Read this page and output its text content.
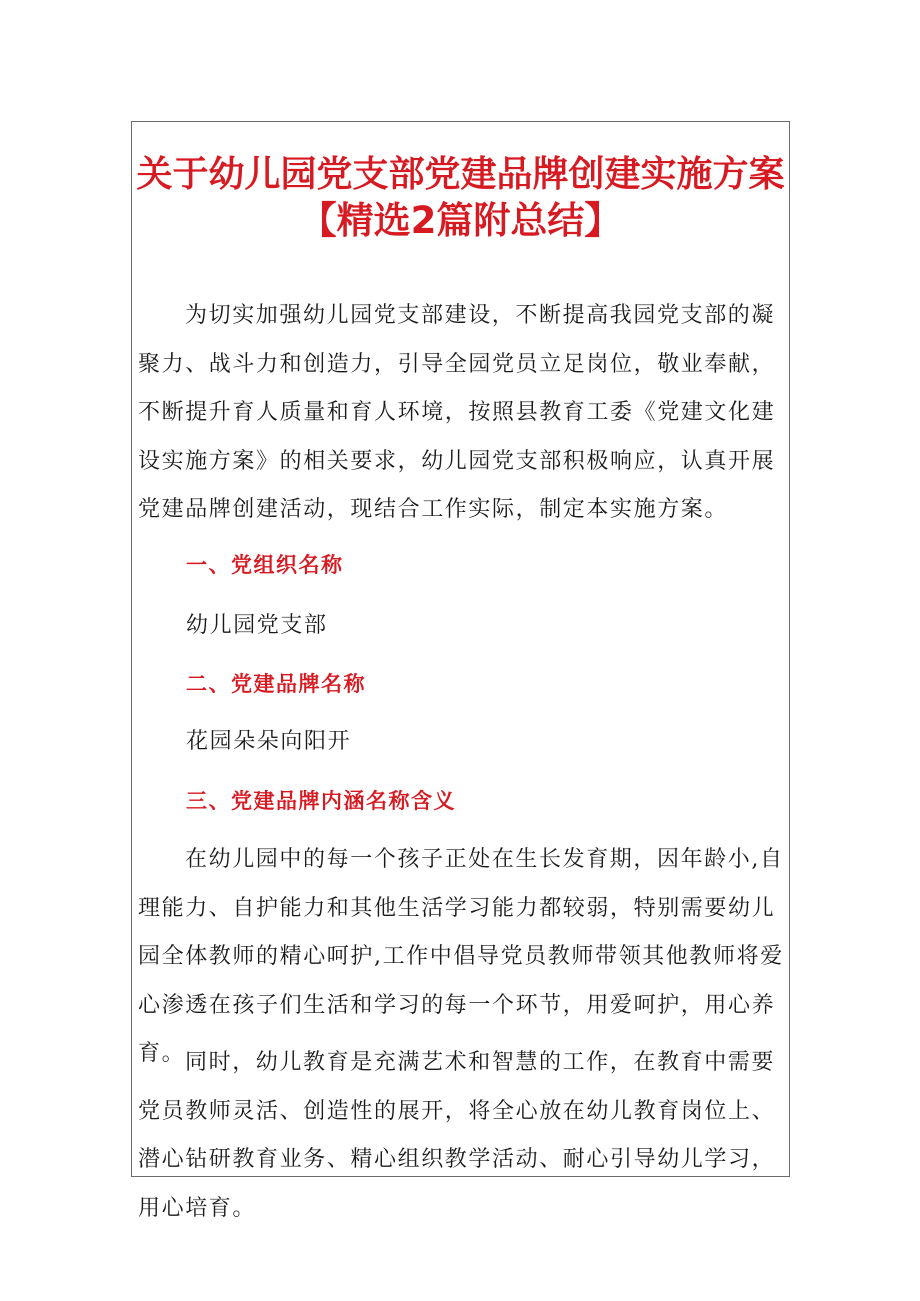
关于幼儿园党支部党建品牌创建实施方案
【精选2篇附总结】

为切实加强幼儿园党支部建设，不断提高我园党支部的凝聚力、战斗力和创造力，引导全园党员立足岗位，敬业奉献，不断提升育人质量和育人环境，按照县教育工委《党建文化建设实施方案》的相关要求，幼儿园党支部积极响应，认真开展党建品牌创建活动，现结合工作实际，制定本实施方案。

一、党组织名称

幼儿园党支部

二、党建品牌名称

花园朵朵向阳开

三、党建品牌内涵名称含义

在幼儿园中的每一个孩子正处在生长发育期，因年龄小,自理能力、自护能力和其他生活学习能力都较弱，特别需要幼儿园全体教师的精心呵护,工作中倡导党员教师带领其他教师将爱心渗透在孩子们生活和学习的每一个环节，用爱呵护，用心养育。 同时，幼儿教育是充满艺术和智慧的工作，在教育中需要党员教师灵活、创造性的展开，将全心放在幼儿教育岗位上、潜心钻研教育业务、精心组织教学活动、耐心引导幼儿学习，用心培育。
